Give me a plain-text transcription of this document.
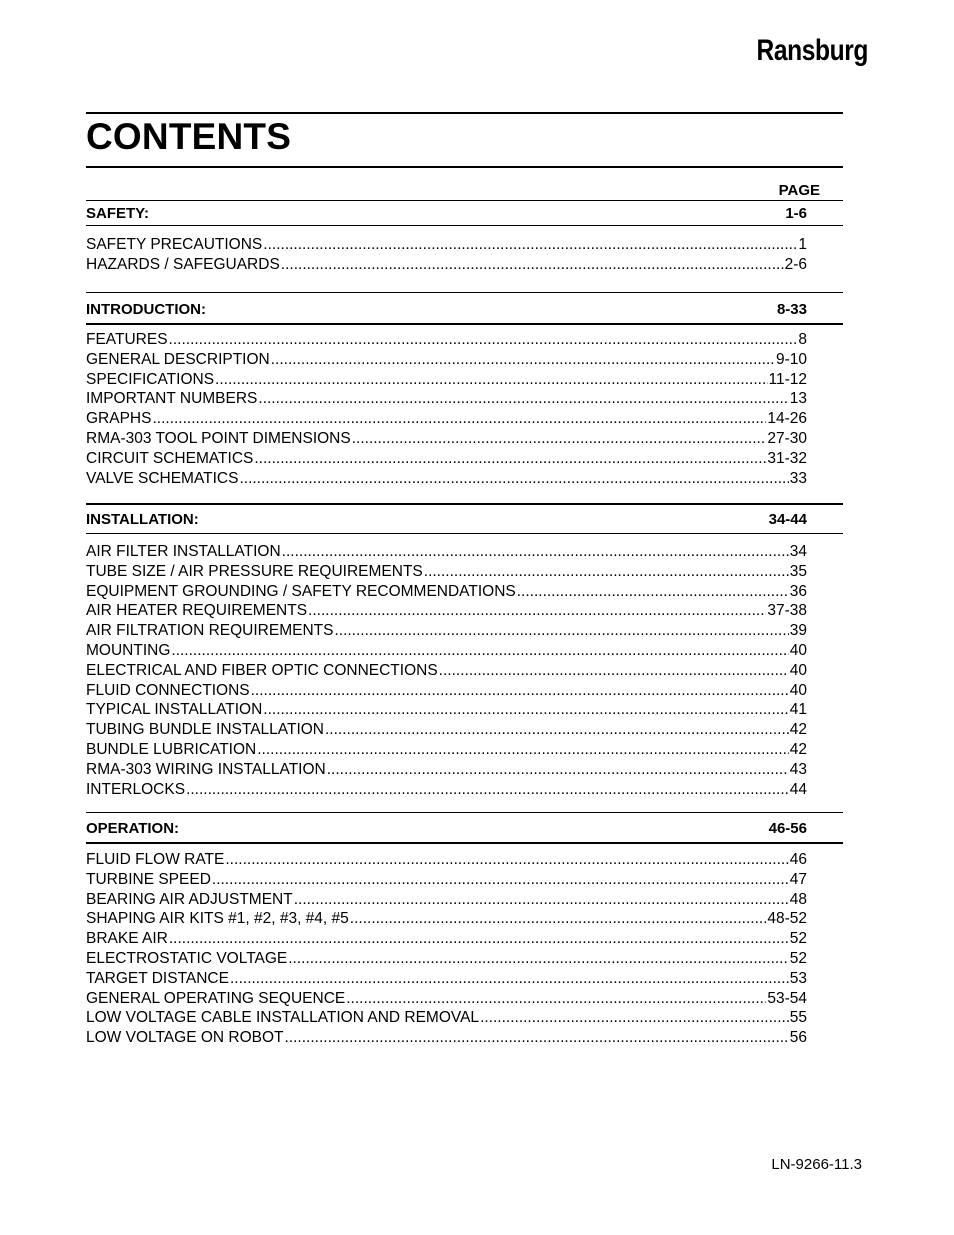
Ransburg
CONTENTS
PAGE
SAFETY:	1-6
SAFETY PRECAUTIONS .....	1
HAZARDS / SAFEGUARDS .....	2-6
INTRODUCTION:	8-33
FEATURES .....	8
GENERAL DESCRIPTION .....	9-10
SPECIFICATIONS .....	11-12
IMPORTANT NUMBERS .....	13
GRAPHS .....	14-26
RMA-303 TOOL POINT DIMENSIONS .....	27-30
CIRCUIT SCHEMATICS .....	31-32
VALVE SCHEMATICS .....	33
INSTALLATION:	34-44
AIR FILTER INSTALLATION .....	34
TUBE SIZE / AIR PRESSURE REQUIREMENTS .....	35
EQUIPMENT GROUNDING / SAFETY RECOMMENDATIONS .....	36
AIR HEATER REQUIREMENTS .....	37-38
AIR FILTRATION REQUIREMENTS .....	39
MOUNTING .....	40
ELECTRICAL AND FIBER OPTIC CONNECTIONS .....	40
FLUID CONNECTIONS .....	40
TYPICAL INSTALLATION .....	41
TUBING BUNDLE INSTALLATION .....	42
BUNDLE LUBRICATION .....	42
RMA-303 WIRING INSTALLATION .....	43
INTERLOCKS .....	44
OPERATION:	46-56
FLUID FLOW RATE .....	46
TURBINE SPEED .....	47
BEARING AIR ADJUSTMENT .....	48
SHAPING AIR KITS #1, #2, #3, #4, #5 .....	48-52
BRAKE AIR .....	52
ELECTROSTATIC VOLTAGE .....	52
TARGET DISTANCE .....	53
GENERAL OPERATING SEQUENCE .....	53-54
LOW VOLTAGE CABLE INSTALLATION AND REMOVAL .....	55
LOW VOLTAGE ON ROBOT .....	56
LN-9266-11.3
